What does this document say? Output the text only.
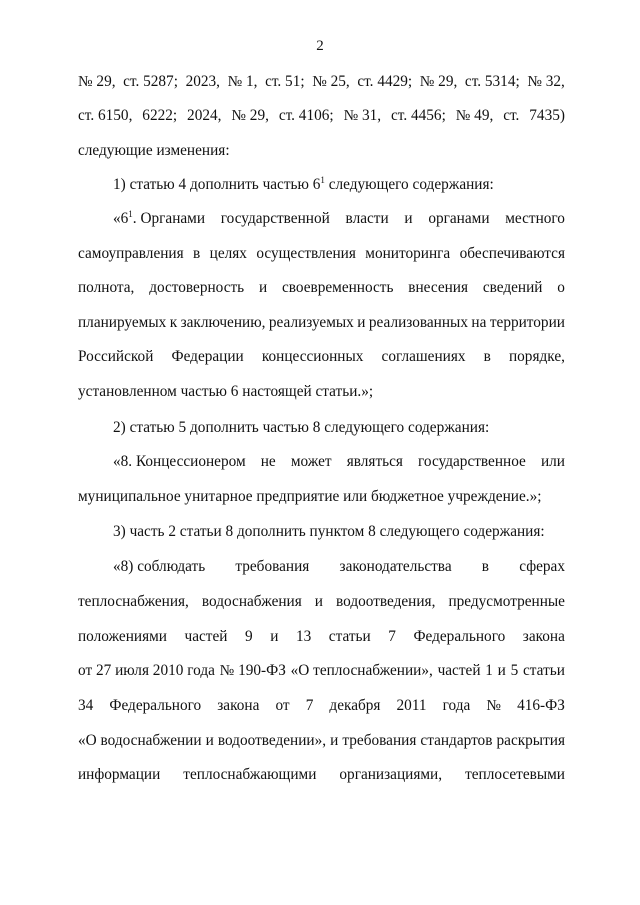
2
№ 29, ст. 5287; 2023, № 1, ст. 51; № 25, ст. 4429; № 29, ст. 5314; № 32,
ст. 6150, 6222; 2024, № 29, ст. 4106; № 31, ст. 4456; № 49, ст. 7435)
следующие изменения:
1) статью 4 дополнить частью $6^1$ следующего содержания:
«$6^1$. Органами государственной власти и органами местного
самоуправления в целях осуществления мониторинга обеспечиваются
полнота, достоверность и своевременность внесения сведений о
планируемых к заключению, реализуемых и реализованных на территории
Российской Федерации концессионных соглашениях в порядке,
установленном частью 6 настоящей статьи.»;
2) статью 5 дополнить частью 8 следующего содержания:
«8. Концессионером не может являться государственное или
муниципальное унитарное предприятие или бюджетное учреждение.»;
3) часть 2 статьи 8 дополнить пунктом 8 следующего содержания:
«8) соблюдать требования законодательства в сферах
теплоснабжения, водоснабжения и водоотведения, предусмотренные
положениями частей 9 и 13 статьи 7 Федерального закона
от 27 июля 2010 года № 190-ФЗ «О теплоснабжении», частей 1 и 5 статьи
34 Федерального закона от 7 декабря 2011 года № 416-ФЗ
«О водоснабжении и водоотведении», и требования стандартов раскрытия
информации теплоснабжающими организациями, теплосетевыми
